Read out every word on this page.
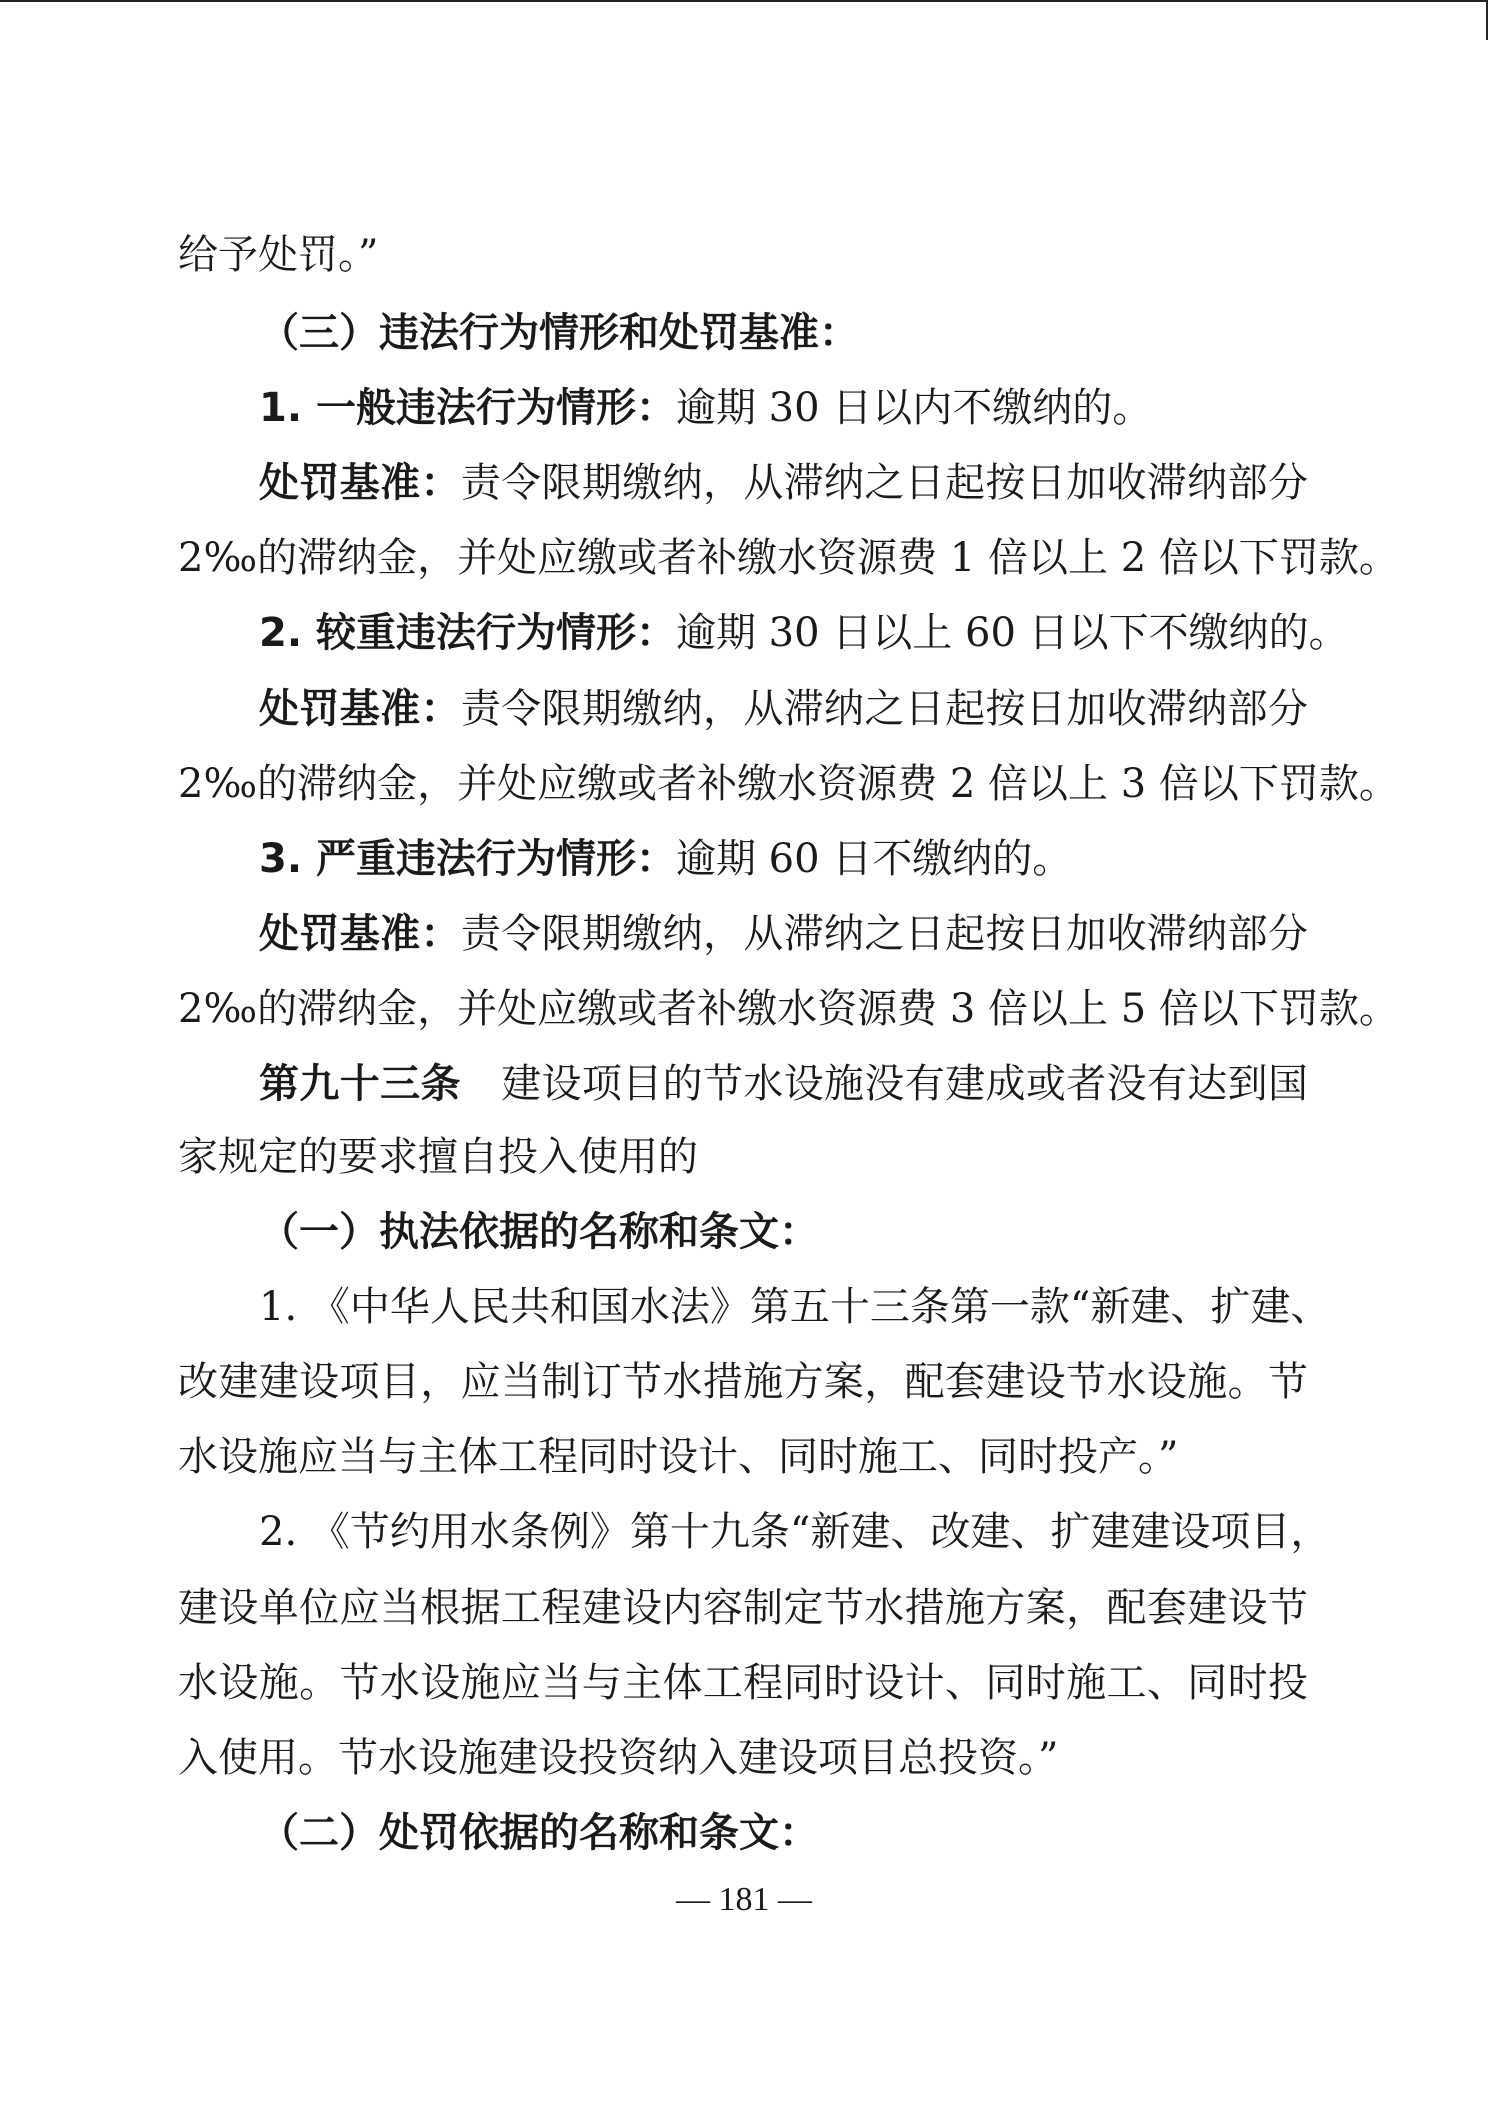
给予处罚。”
（三）违法行为情形和处罚基准：
1. 一般违法行为情形：逾期 30 日以内不缴纳的。
处罚基准：责令限期缴纳，从滞纳之日起按日加收滞纳部分
2‰的滞纳金，并处应缴或者补缴水资源费 1 倍以上 2 倍以下罚款。
2. 较重违法行为情形：逾期 30 日以上 60 日以下不缴纳的。
处罚基准：责令限期缴纳，从滞纳之日起按日加收滞纳部分
2‰的滞纳金，并处应缴或者补缴水资源费 2 倍以上 3 倍以下罚款。
3. 严重违法行为情形：逾期 60 日不缴纳的。
处罚基准：责令限期缴纳，从滞纳之日起按日加收滞纳部分
2‰的滞纳金，并处应缴或者补缴水资源费 3 倍以上 5 倍以下罚款。
第九十三条　建设项目的节水设施没有建成或者没有达到国
家规定的要求擅自投入使用的
（一）执法依据的名称和条文：
1. 《中华人民共和国水法》第五十三条第一款“新建、扩建、
改建建设项目，应当制订节水措施方案，配套建设节水设施。节
水设施应当与主体工程同时设计、同时施工、同时投产。”
2. 《节约用水条例》第十九条“新建、改建、扩建建设项目，
建设单位应当根据工程建设内容制定节水措施方案，配套建设节
水设施。节水设施应当与主体工程同时设计、同时施工、同时投
入使用。节水设施建设投资纳入建设项目总投资。”
（二）处罚依据的名称和条文：
— 181 —
